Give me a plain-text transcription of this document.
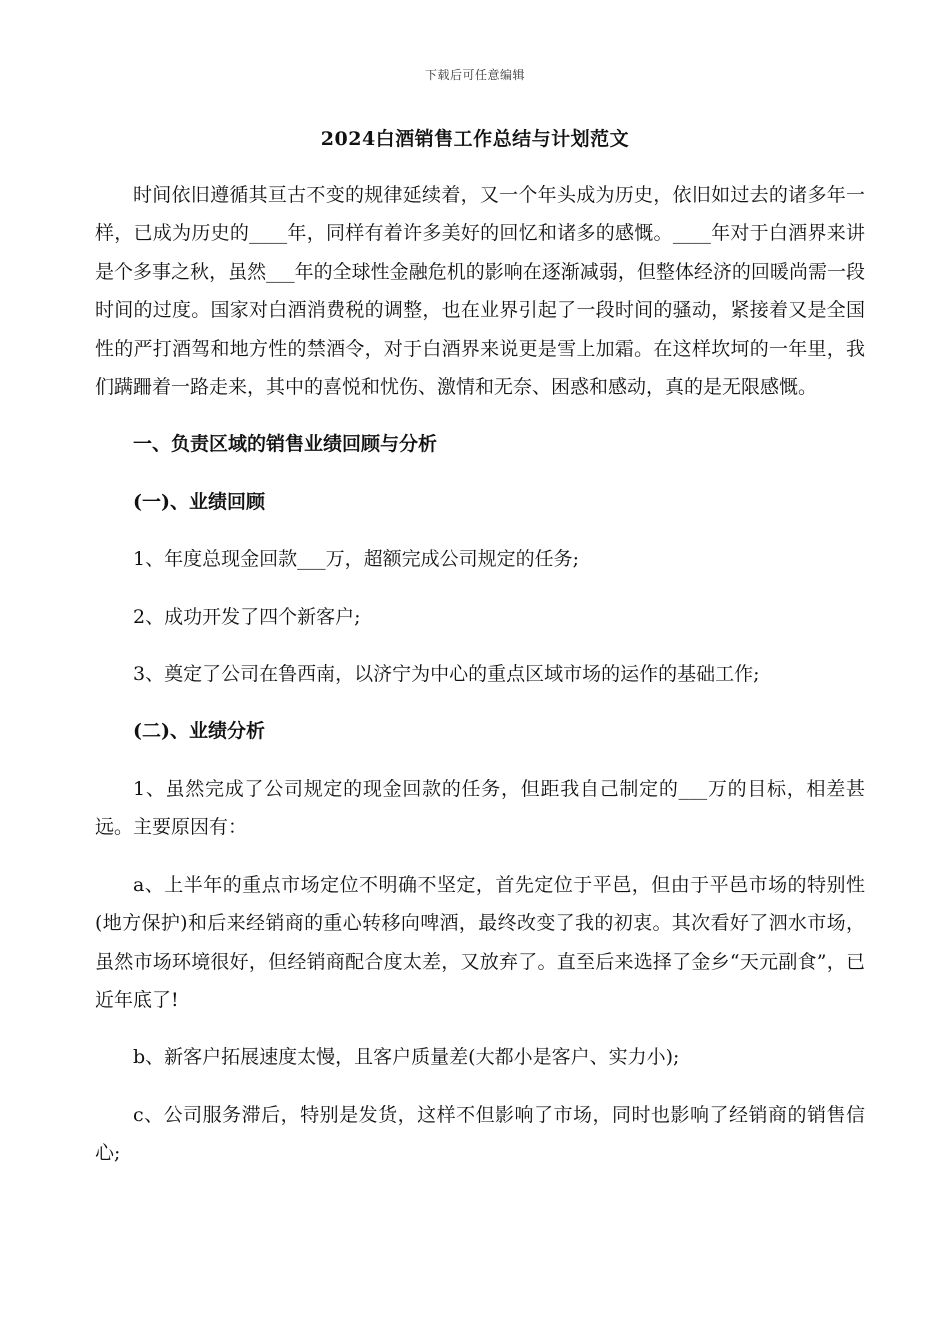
下载后可任意编辑
2024白酒销售工作总结与计划范文

时间依旧遵循其亘古不变的规律延续着，又一个年头成为历史，依旧如过去的诸多年一样，已成为历史的____年，同样有着许多美好的回忆和诸多的感慨。____年对于白酒界来讲是个多事之秋，虽然___年的全球性金融危机的影响在逐渐减弱，但整体经济的回暖尚需一段时间的过度。国家对白酒消费税的调整，也在业界引起了一段时间的骚动，紧接着又是全国性的严打酒驾和地方性的禁酒令，对于白酒界来说更是雪上加霜。在这样坎坷的一年里，我们蹒跚着一路走来，其中的喜悦和忧伤、激情和无奈、困惑和感动，真的是无限感慨。

一、负责区域的销售业绩回顾与分析

(一)、业绩回顾

1、年度总现金回款___万，超额完成公司规定的任务;

2、成功开发了四个新客户;

3、奠定了公司在鲁西南，以济宁为中心的重点区域市场的运作的基础工作;

(二)、业绩分析

1、虽然完成了公司规定的现金回款的任务，但距我自己制定的___万的目标，相差甚远。主要原因有：

a、上半年的重点市场定位不明确不坚定，首先定位于平邑，但由于平邑市场的特别性(地方保护)和后来经销商的重心转移向啤酒，最终改变了我的初衷。其次看好了泗水市场，虽然市场环境很好，但经销商配合度太差，又放弃了。直至后来选择了金乡“天元副食”，已近年底了!

b、新客户拓展速度太慢，且客户质量差(大都小是客户、实力小);

c、公司服务滞后，特别是发货，这样不但影响了市场，同时也影响了经销商的销售信心;
